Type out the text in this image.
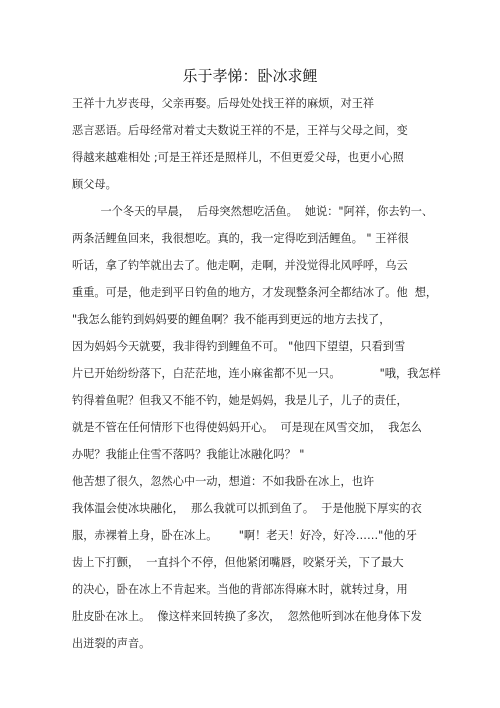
乐于孝悌：卧冰求鲤
王祥十九岁丧母，父亲再娶。后母处处找王祥的麻烦，对王祥
恶言恶语。后母经常对着丈夫数说王祥的不是，王祥与父母之间，变
得越来越难相处 ;可是王祥还是照样儿，不但更爱父母，也更小心照
顾父母。
一个冬天的早晨，  后母突然想吃活鱼。  她说："阿祥，你去钓一、
两条活鲤鱼回来，我很想吃。真的，我一定得吃到活鲤鱼。 " 王祥很
听话，拿了钓竿就出去了。他走啊，走啊，并没觉得北风呼呼，乌云
重重。可是，他走到平日钓鱼的地方，才发现整条河全都结冰了。他  想，
"我怎么能钓到妈妈要的鲤鱼啊？我不能再到更远的地方去找了，
因为妈妈今天就要，我非得钓到鲤鱼不可。 "他四下望望，只看到雪
片已开始纷纷落下，白茫茫地，连小麻雀都不见一只。           "哦，我怎样
钓得着鱼呢？但我又不能不钓，她是妈妈，我是儿子，儿子的责任，
就是不管在任何情形下也得使妈妈开心。  可是现在风雪交加，  我怎么
办呢？我能止住雪不落吗？我能让冰融化吗？ "
他苦想了很久，忽然心中一动，想道：不如我卧在冰上，也许
我体温会使冰块融化，  那么我就可以抓到鱼了。  于是他脱下厚实的衣
服，赤裸着上身，卧在冰上。      "啊！老天！好冷，好冷……"他的牙
齿上下打颤，  一直抖个不停，但他紧闭嘴唇，咬紧牙关，下了最大
的决心，卧在冰上不肯起来。当他的背部冻得麻木时，就转过身，用
肚皮卧在冰上。  像这样来回转换了多次，  忽然他听到冰在他身体下发
出迸裂的声音。
